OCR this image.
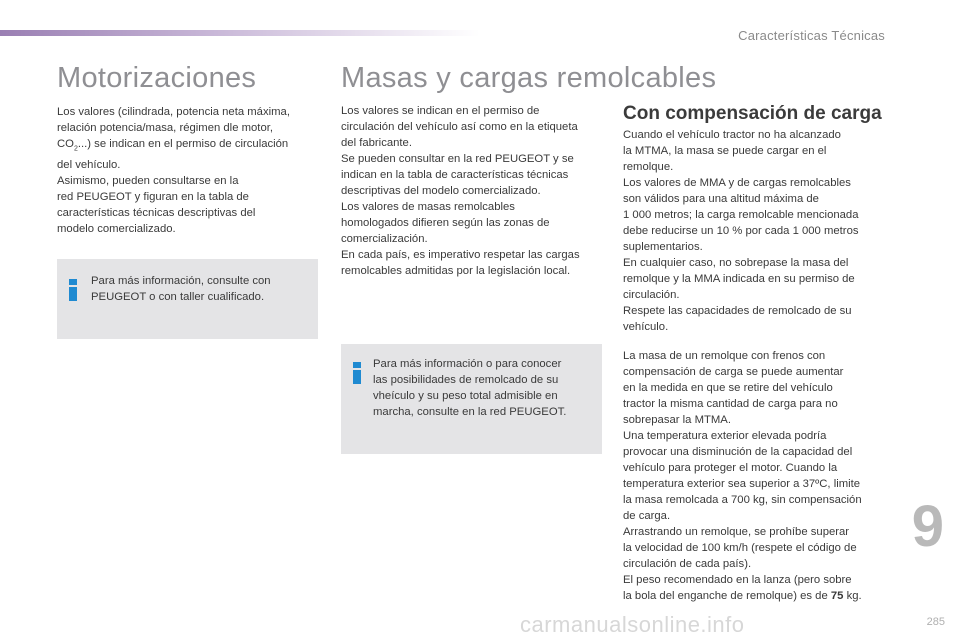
Características Técnicas
Motorizaciones

Los valores (cilindrada, potencia neta máxima,

relación potencia/masa, régimen dle motor,

$CO_2$...) se indican en el permiso de circulación

del vehículo.

Asimismo, pueden consultarse en la

red PEUGEOT y figuran en la tabla de

características técnicas descriptivas del

modelo comercializado.

Para más información, consulte con
PEUGEOT o con taller cualificado.
Masas y cargas remolcables

Los valores se indican en el permiso de

circulación del vehículo así como en la etiqueta

del fabricante.

Se pueden consultar en la red PEUGEOT y se

indican en la tabla de características técnicas

descriptivas del modelo comercializado.

Los valores de masas remolcables

homologados difieren según las zonas de

comercialización.

En cada país, es imperativo respetar las cargas

remolcables admitidas por la legislación local.

Para más información o para conocer
las posibilidades de remolcado de su
vheículo y su peso total admisible en
marcha, consulte en la red PEUGEOT.
Con compensación de carga

Cuando el vehículo tractor no ha alcanzado

la MTMA, la masa se puede cargar en el

remolque.

Los valores de MMA y de cargas remolcables

son válidos para una altitud máxima de

1 000 metros; la carga remolcable mencionada

debe reducirse un 10 % por cada 1 000 metros

suplementarios.

En cualquier caso, no sobrepase la masa del

remolque y la MMA indicada en su permiso de

circulación.

Respete las capacidades de remolcado de su

vehículo.

La masa de un remolque con frenos con

compensación de carga se puede aumentar

en la medida en que se retire del vehículo

tractor la misma cantidad de carga para no

sobrepasar la MTMA.

Una temperatura exterior elevada podría

provocar una disminución de la capacidad del

vehículo para proteger el motor. Cuando la

temperatura exterior sea superior a 37ºC, limite

la masa remolcada a 700 kg, sin compensación

de carga.

Arrastrando un remolque, se prohíbe superar

la velocidad de 100 km/h (respete el código de

circulación de cada país).

El peso recomendado en la lanza (pero sobre

la bola del enganche de remolque) es de 75 kg.

9
285
carmanualsonline.info
